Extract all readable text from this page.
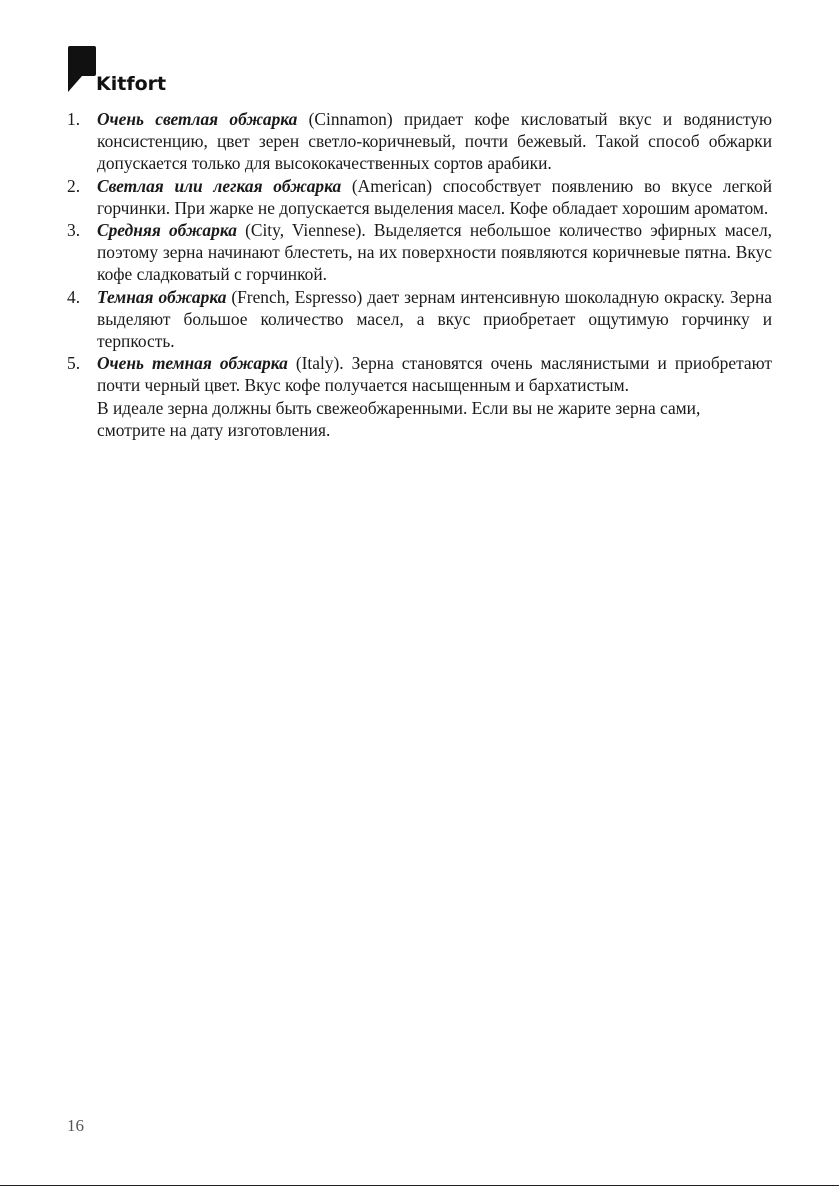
Kitfort
1. Очень светлая обжарка (Cinnamon) придает кофе кисловатый вкус и водянистую консистенцию, цвет зерен светло-коричневый, почти бежевый. Такой способ обжарки допускается только для высококачественных сортов арабики.
2. Светлая или легкая обжарка (American) способствует появлению во вкусе легкой горчинки. При жарке не допускается выделения масел. Кофе обладает хорошим ароматом.
3. Средняя обжарка (City, Viennese). Выделяется небольшое количество эфирных масел, поэтому зерна начинают блестеть, на их поверхности появляются коричневые пятна. Вкус кофе сладковатый с горчинкой.
4. Темная обжарка (French, Espresso) дает зернам интенсивную шоколадную окраску. Зерна выделяют большое количество масел, а вкус приобретает ощутимую горчинку и терпкость.
5. Очень темная обжарка (Italy). Зерна становятся очень маслянистыми и приобретают почти черный цвет. Вкус кофе получается насыщенным и бархатистым.

В идеале зерна должны быть свежеобжаренными. Если вы не жарите зерна сами, смотрите на дату изготовления.

16
